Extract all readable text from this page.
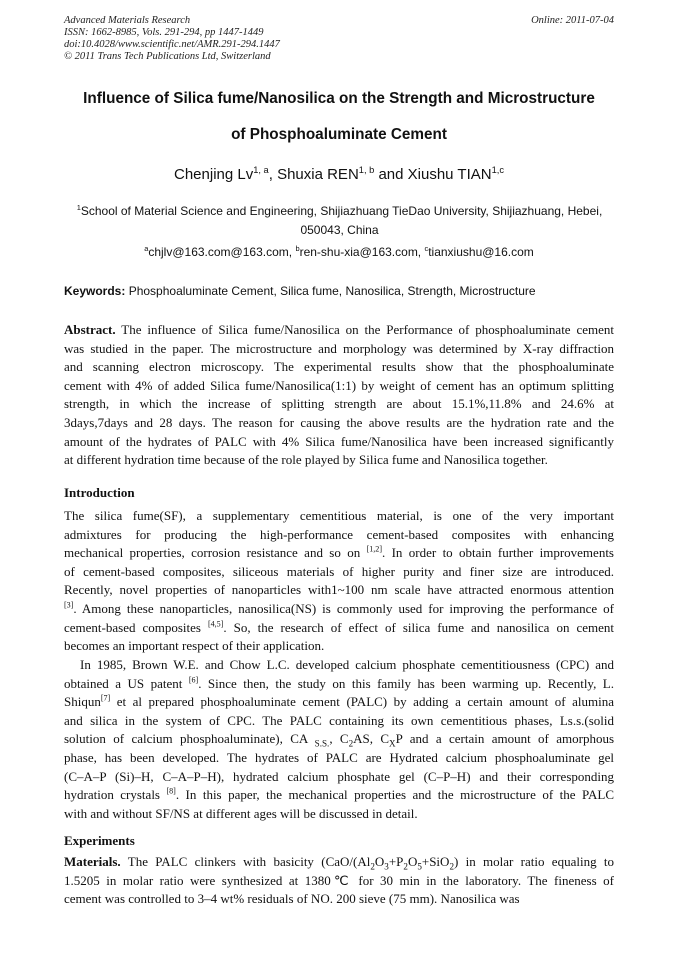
Advanced Materials Research
ISSN: 1662-8985, Vols. 291-294, pp 1447-1449
doi:10.4028/www.scientific.net/AMR.291-294.1447
© 2011 Trans Tech Publications Ltd, Switzerland
Online: 2011-07-04
Influence of Silica fume/Nanosilica on the Strength and Microstructure
of Phosphoaluminate Cement
Chenjing Lv$^{1, a}$, Shuxia REN$^{1, b}$ and Xiushu TIAN$^{1,c}$
$^1$School of Material Science and Engineering, Shijiazhuang TieDao University, Shijiazhuang, Hebei,
050043, China
$^a$chjlv@163.com@163.com, $^b$ren-shu-xia@163.com, $^c$tianxiushu@16.com
Keywords: Phosphoaluminate Cement, Silica fume, Nanosilica, Strength, Microstructure
Abstract. The influence of Silica fume/Nanosilica on the Performance of phosphoaluminate cement
was studied in the paper. The microstructure and morphology was determined by X-ray diffraction
and scanning electron microscopy. The experimental results show that the phosphoaluminate
cement with 4% of added Silica fume/Nanosilica(1:1) by weight of cement has an optimum splitting
strength, in which the increase of splitting strength are about 15.1%,11.8% and 24.6% at
3days,7days and 28 days. The reason for causing the above results are the hydration rate and the
amount of the hydrates of PALC with 4% Silica fume/Nanosilica have been increased significantly
at different hydration time because of the role played by Silica fume and Nanosilica together.
Introduction
The silica fume(SF), a supplementary cementitious material, is one of the very important
admixtures for producing the high-performance cement-based composites with enhancing
mechanical properties, corrosion resistance and so on [1,2]. In order to obtain further improvements
of cement-based composites, siliceous materials of higher purity and finer size are introduced.
Recently, novel properties of nanoparticles with1~100 nm scale have attracted enormous attention
[3]. Among these nanoparticles, nanosilica(NS) is commonly used for improving the performance of
cement-based composites [4,5]. So, the research of effect of silica fume and nanosilica on cement
becomes an important respect of their application.
In 1985, Brown W.E. and Chow L.C. developed calcium phosphate cementitiousness (CPC) and
obtained a US patent [6]. Since then, the study on this family has been warming up. Recently, L.
Shiqun[7] et al prepared phosphoaluminate cement (PALC) by adding a certain amount of alumina
and silica in the system of CPC. The PALC containing its own cementitious phases, Ls.s.(solid
solution of calcium phosphoaluminate), CA $_{S.S.}$, $C_2AS$, $C_XP$ and a certain amount of amorphous
phase, has been developed. The hydrates of PALC are Hydrated calcium phosphoaluminate gel
(C–A–P (Si)–H, C–A–P–H), hydrated calcium phosphate gel (C–P–H) and their corresponding
hydration crystals [8]. In this paper, the mechanical properties and the microstructure of the PALC
with and without SF/NS at different ages will be discussed in detail.
Experiments
Materials. The PALC clinkers with basicity ($CaO/(Al_2O_3+P_2O_5+SiO_2)$ in molar ratio equaling to
1.5205 in molar ratio were synthesized at 1380℃ for 30 min in the laboratory. The fineness of
cement was controlled to 3–4 wt% residuals of NO. 200 sieve (75 mm). Nanosilica was
